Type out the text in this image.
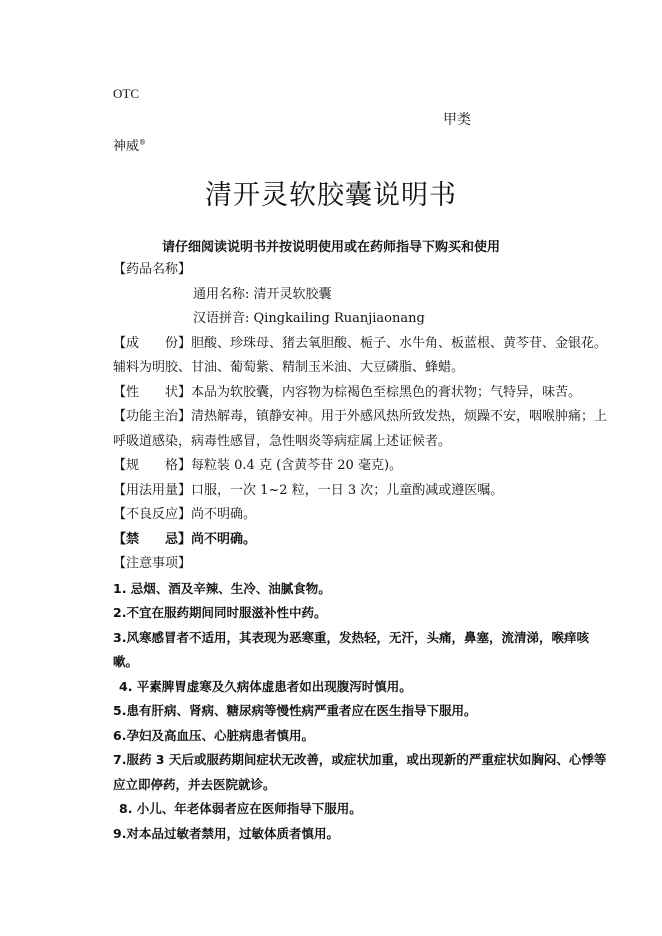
OTC
甲类
神威®
清开灵软胶囊说明书
请仔细阅读说明书并按说明使用或在药师指导下购买和使用
【药品名称】
通用名称: 清开灵软胶囊
汉语拼音: Qingkailing Ruanjiaonang
【成　　份】胆酸、珍珠母、猪去氧胆酸、栀子、水牛角、板蓝根、黄芩苷、金银花。辅料为明胶、甘油、葡萄紫、精制玉米油、大豆磷脂、蜂蜡。
【性　　状】本品为软胶囊，内容物为棕褐色至棕黑色的膏状物；气特异，味苦。
【功能主治】清热解毒，镇静安神。用于外感风热所致发热，烦躁不安，咽喉肿痛；上呼吸道感染，病毒性感冒，急性咽炎等病症属上述证候者。
【规　　格】每粒装 0.4 克 (含黄芩苷 20 毫克)。
【用法用量】口服，一次 1~2 粒，一日 3 次；儿童酌减或遵医嘱。
【不良反应】尚不明确。
【禁　　忌】尚不明确。
【注意事项】
1. 忌烟、酒及辛辣、生冷、油腻食物。
2.不宜在服药期间同时服滋补性中药。
3.风寒感冒者不适用，其表现为恶寒重，发热轻，无汗，头痛，鼻塞，流清涕，喉痒咳嗽。
4. 平素脾胃虚寒及久病体虚患者如出现腹泻时慎用。
5.患有肝病、肾病、糖尿病等慢性病严重者应在医生指导下服用。
6.孕妇及高血压、心脏病患者慎用。
7.服药 3 天后或服药期间症状无改善，或症状加重，或出现新的严重症状如胸闷、心悸等应立即停药，并去医院就诊。
8. 小儿、年老体弱者应在医师指导下服用。
9.对本品过敏者禁用，过敏体质者慎用。
